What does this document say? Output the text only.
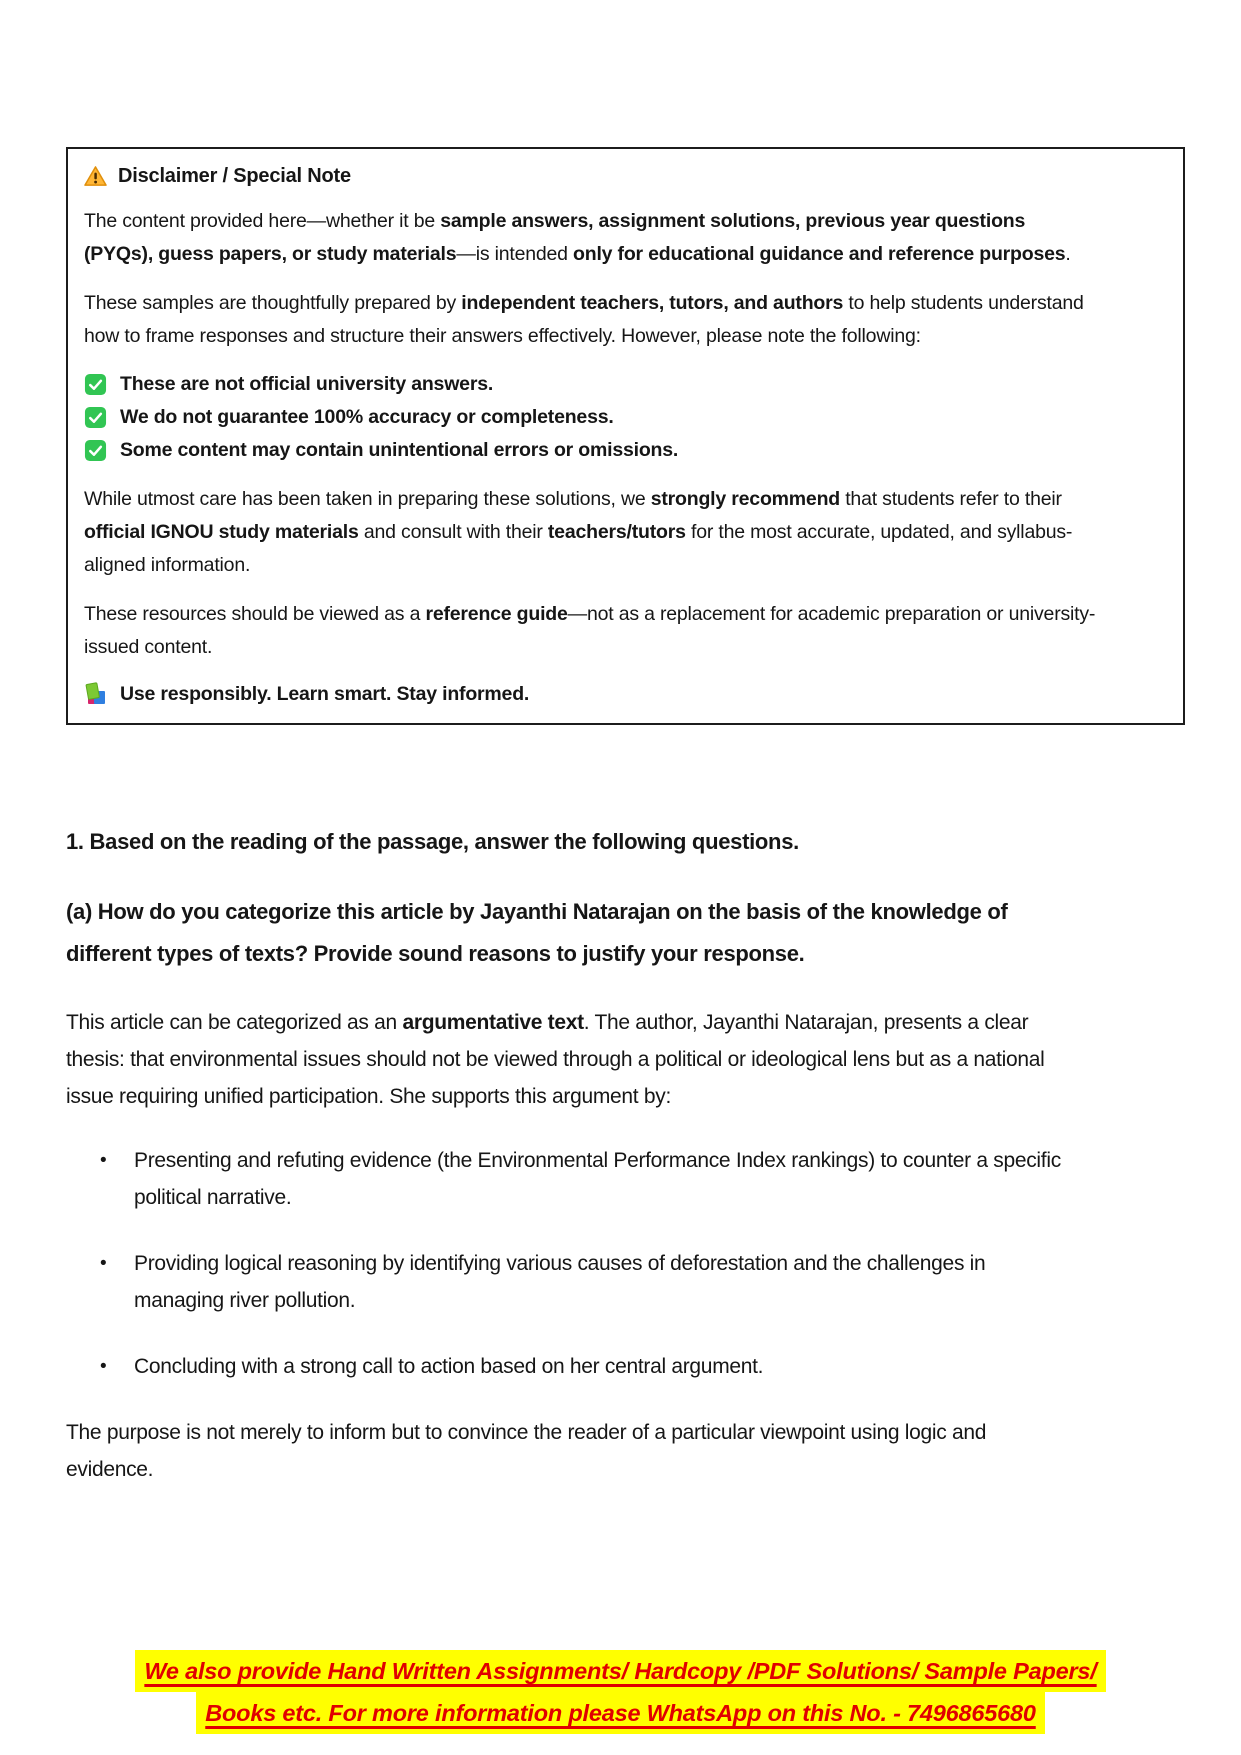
Disclaimer / Special Note

The content provided here—whether it be sample answers, assignment solutions, previous year questions (PYQs), guess papers, or study materials—is intended only for educational guidance and reference purposes.

These samples are thoughtfully prepared by independent teachers, tutors, and authors to help students understand how to frame responses and structure their answers effectively. However, please note the following:

These are not official university answers.
We do not guarantee 100% accuracy or completeness.
Some content may contain unintentional errors or omissions.

While utmost care has been taken in preparing these solutions, we strongly recommend that students refer to their official IGNOU study materials and consult with their teachers/tutors for the most accurate, updated, and syllabus-aligned information.

These resources should be viewed as a reference guide—not as a replacement for academic preparation or university-issued content.

Use responsibly. Learn smart. Stay informed.
1. Based on the reading of the passage, answer the following questions.
(a) How do you categorize this article by Jayanthi Natarajan on the basis of the knowledge of different types of texts? Provide sound reasons to justify your response.

This article can be categorized as an argumentative text. The author, Jayanthi Natarajan, presents a clear thesis: that environmental issues should not be viewed through a political or ideological lens but as a national issue requiring unified participation. She supports this argument by:

• Presenting and refuting evidence (the Environmental Performance Index rankings) to counter a specific political narrative.
• Providing logical reasoning by identifying various causes of deforestation and the challenges in managing river pollution.
• Concluding with a strong call to action based on her central argument.

The purpose is not merely to inform but to convince the reader of a particular viewpoint using logic and evidence.

We also provide Hand Written Assignments/ Hardcopy /PDF Solutions/ Sample Papers/
Books etc. For more information please WhatsApp on this No. - 7496865680
